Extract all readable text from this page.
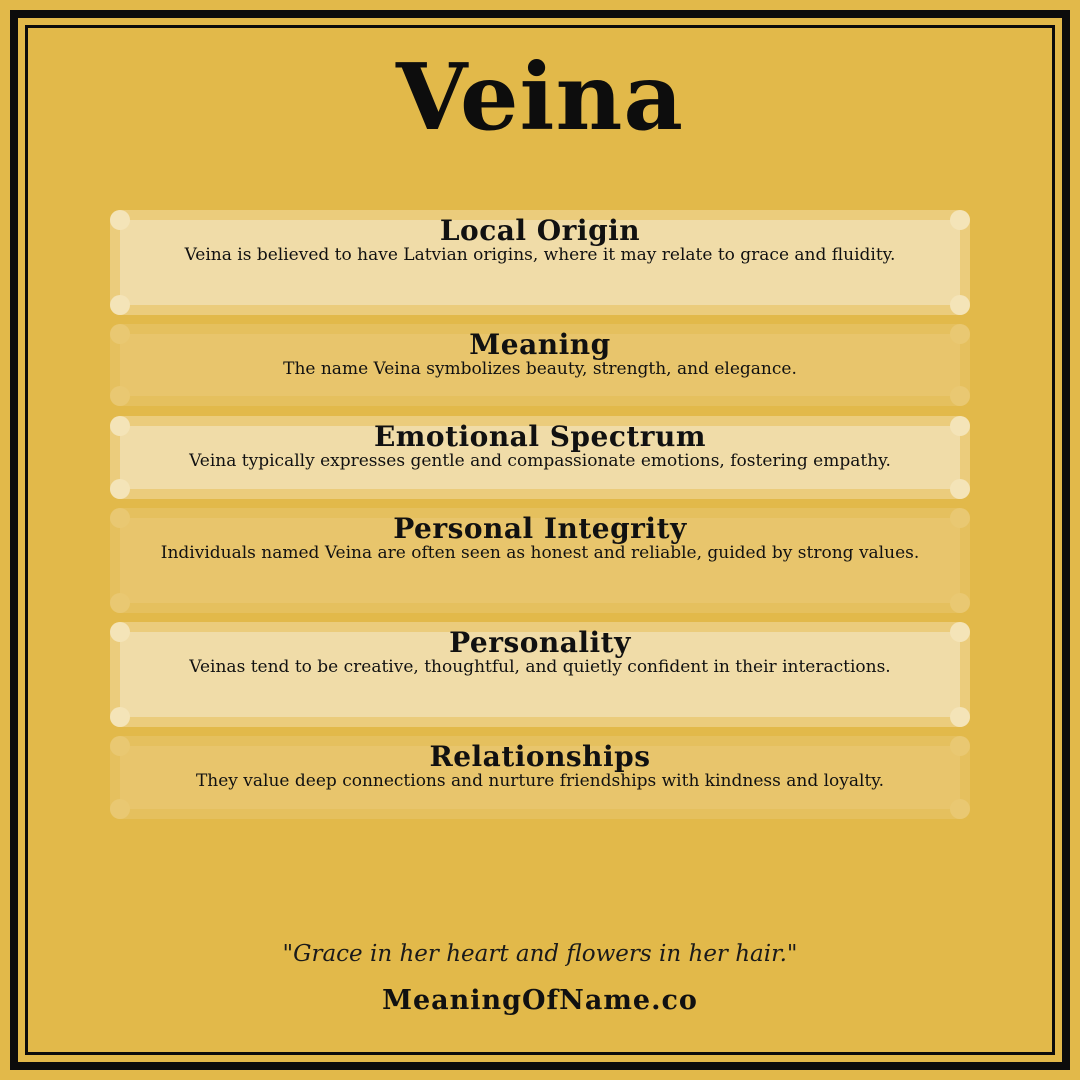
Veina
Local Origin

Veina is believed to have Latvian origins, where it may relate to grace and fluidity.

Meaning

The name Veina symbolizes beauty, strength, and elegance.

Emotional Spectrum

Veina typically expresses gentle and compassionate emotions, fostering empathy.

Personal Integrity

Individuals named Veina are often seen as honest and reliable, guided by strong values.

Personality

Veinas tend to be creative, thoughtful, and quietly confident in their interactions.

Relationships

They value deep connections and nurture friendships with kindness and loyalty.

"Grace in her heart and flowers in her hair."
MeaningOfName.co
